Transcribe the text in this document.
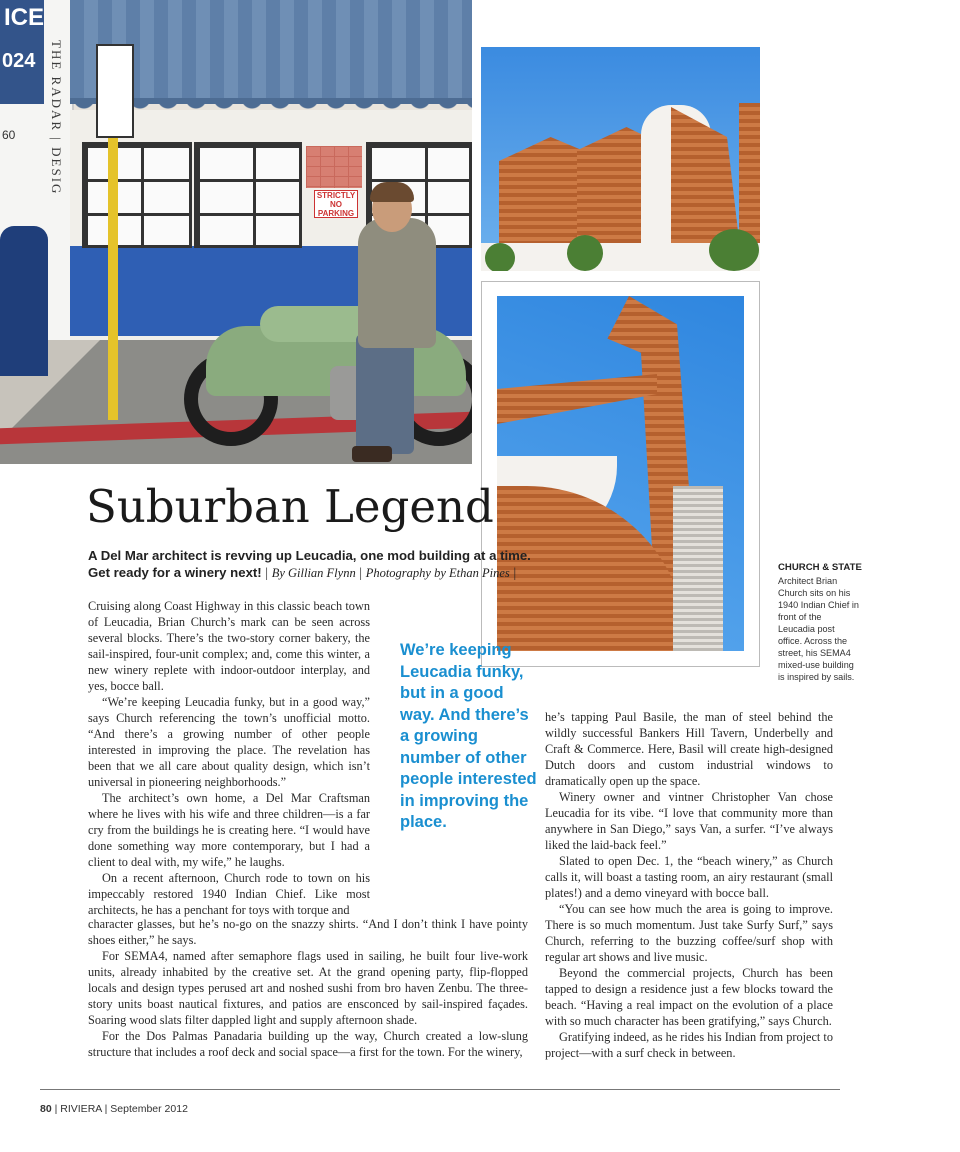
ICE
024
60
STRICTLY
NO
PARKING
THE RADAR | DESIG
Suburban Legend
A Del Mar architect is revving up Leucadia, one mod building at a time. Get ready for a winery next! | By Gillian Flynn | Photography by Ethan Pines |	CHURCH & STATE
Architect Brian Church sits on his 1940 Indian Chief in front of the Leucadia post office. Across the street, his SEMA4 mixed-use building is inspired by sails.

Cruising along Coast Highway in this classic beach town of Leucadia, Brian Church’s mark can be seen across several blocks. There’s the two-story corner bakery, the sail-inspired, four-unit complex; and, come this winter, a new winery replete with indoor-outdoor interplay, and yes, bocce ball.

“We’re keeping Leucadia funky, but in a good way,” says Church referencing the town’s unofficial motto. “And there’s a growing number of other people interested in improving the place. The revelation has been that we all care about quality design, which isn’t universal in pioneering neighborhoods.”

The architect’s own home, a Del Mar Craftsman where he lives with his wife and three children—is a far cry from the buildings he is creating here. “I would have done something way more contemporary, but I had a client to deal with, my wife,” he laughs.

On a recent afternoon, Church rode to town on his impeccably restored 1940 Indian Chief. Like most architects, he has a penchant for toys with torque and

We’re keeping Leucadia funky, but in a good way. And there’s a growing number of other people interested in improving the place.

character glasses, but he’s no-go on the snazzy shirts. “And I don’t think I have pointy shoes either,” he says.

For SEMA4, named after semaphore flags used in sailing, he built four live-work units, already inhabited by the creative set. At the grand opening party, flip-flopped locals and design types perused art and noshed sushi from bro haven Zenbu. The three-story units boast nautical fixtures, and patios are ensconced by sail-inspired façades. Soaring wood slats filter dappled light and supply afternoon shade.

For the Dos Palmas Panadaria building up the way, Church created a low-slung structure that includes a roof deck and social space—a first for the town. For the winery,

he’s tapping Paul Basile, the man of steel behind the wildly successful Bankers Hill Tavern, Underbelly and Craft & Commerce. Here, Basil will create high-designed Dutch doors and custom industrial windows to dramatically open up the space.

Winery owner and vintner Christopher Van chose Leucadia for its vibe. “I love that community more than anywhere in San Diego,” says Van, a surfer. “I’ve always liked the laid-back feel.”

Slated to open Dec. 1, the “beach winery,” as Church calls it, will boast a tasting room, an airy restaurant (small plates!) and a demo vineyard with bocce ball.

“You can see how much the area is going to improve. There is so much momentum. Just take Surfy Surf,” says Church, referring to the buzzing coffee/surf shop with regular art shows and live music.

Beyond the commercial projects, Church has been tapped to design a residence just a few blocks toward the beach. “Having a real impact on the evolution of a place with so much character has been gratifying,” says Church.

Gratifying indeed, as he rides his Indian from project to project—with a surf check in between.

80 | RIVIERA | September 2012
